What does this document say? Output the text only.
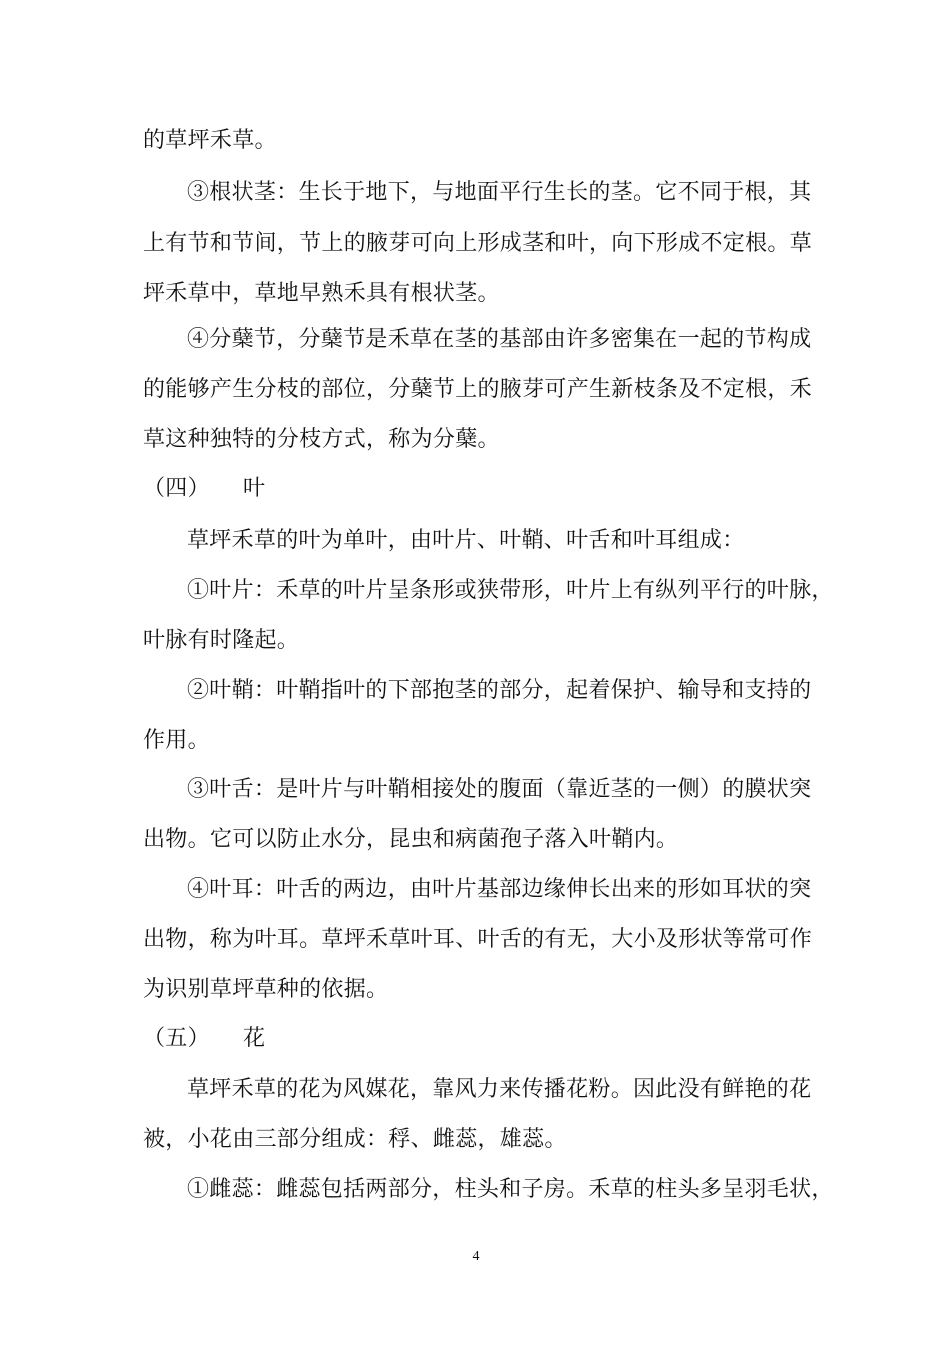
的草坪禾草。
③根状茎：生长于地下，与地面平行生长的茎。它不同于根，其
上有节和节间，节上的腋芽可向上形成茎和叶，向下形成不定根。草
坪禾草中，草地早熟禾具有根状茎。
④分蘖节，分蘖节是禾草在茎的基部由许多密集在一起的节构成
的能够产生分枝的部位，分蘖节上的腋芽可产生新枝条及不定根，禾
草这种独特的分枝方式，称为分蘖。
（四） 叶
草坪禾草的叶为单叶，由叶片、叶鞘、叶舌和叶耳组成：
①叶片：禾草的叶片呈条形或狭带形，叶片上有纵列平行的叶脉，
叶脉有时隆起。
②叶鞘：叶鞘指叶的下部抱茎的部分，起着保护、输导和支持的
作用。
③叶舌：是叶片与叶鞘相接处的腹面（靠近茎的一侧）的膜状突
出物。它可以防止水分，昆虫和病菌孢子落入叶鞘内。
④叶耳：叶舌的两边，由叶片基部边缘伸长出来的形如耳状的突
出物，称为叶耳。草坪禾草叶耳、叶舌的有无，大小及形状等常可作
为识别草坪草种的依据。
（五） 花
草坪禾草的花为风媒花，靠风力来传播花粉。因此没有鲜艳的花
被，小花由三部分组成：稃、雌蕊，雄蕊。
①雌蕊：雌蕊包括两部分，柱头和子房。禾草的柱头多呈羽毛状，
4
